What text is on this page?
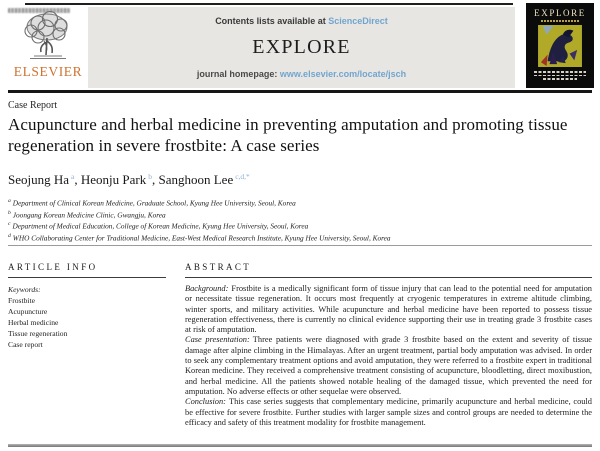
ELSEVIER
Contents lists available at ScienceDirect
EXPLORE
journal homepage: www.elsevier.com/locate/jsch
EXPLORE
Case Report
Acupuncture and herbal medicine in preventing amputation and promoting tissue regeneration in severe frostbite: A case series
Seojung Ha $^a$, Heonju Park $^b$, Sanghoon Lee $^{c,d,*}$
$^a$ Department of Clinical Korean Medicine, Graduate School, Kyung Hee University, Seoul, Korea
$^b$ Joongang Korean Medicine Clinic, Gwangju, Korea
$^c$ Department of Medical Education, College of Korean Medicine, Kyung Hee University, Seoul, Korea
$^d$ WHO Collaborating Center for Traditional Medicine, East-West Medical Research Institute, Kyung Hee University, Seoul, Korea
ARTICLE INFO
Keywords:
Frostbite
Acupuncture
Herbal medicine
Tissue regeneration
Case report
ABSTRACT

Background: Frostbite is a medically significant form of tissue injury that can lead to the potential need for amputation or necessitate tissue regeneration. It occurs most frequently at cryogenic temperatures in extreme altitude climbing, winter sports, and military activities. While acupuncture and herbal medicine have been reported to possess tissue regeneration effectiveness, there is currently no clinical evidence supporting their use in treating grade 3 frostbite cases at risk of amputation.

Case presentation: Three patients were diagnosed with grade 3 frostbite based on the extent and severity of tissue damage after alpine climbing in the Himalayas. After an urgent treatment, partial body amputation was advised. In order to seek any complementary treatment options and avoid amputation, they were referred to a frostbite expert in traditional Korean medicine. They received a comprehensive treatment consisting of acupuncture, bloodletting, direct moxibustion, and herbal medicine. All the patients showed notable healing of the damaged tissue, which prevented the need for amputation. No adverse effects or other sequelae were observed.

Conclusion: This case series suggests that complementary medicine, primarily acupuncture and herbal medicine, could be effective for severe frostbite. Further studies with larger sample sizes and control groups are needed to determine the efficacy and safety of this treatment modality for frostbite management.
